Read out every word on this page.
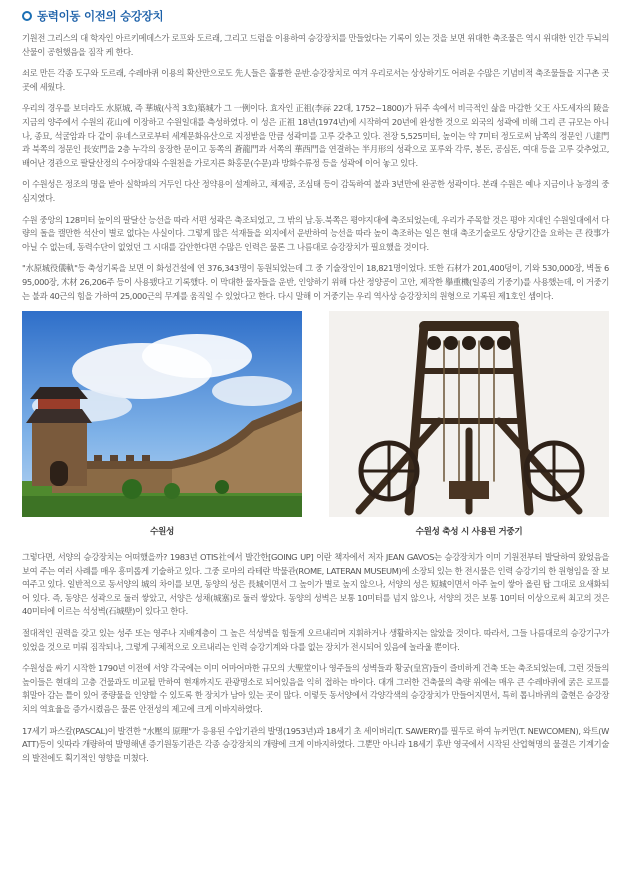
동력이동 이전의 승강장치

기원전 그리스의 대 학자인 아르키메데스가 로프와 도르래, 그리고 드럼을 이용하여 승강장치를 만들었다는 기록이 있는 것을 보면 위대한 축조물은 역시 위대한 인간 두뇌의 산물이 공헌했음을 짐작 케 한다.

쇠로 만든 각종 도구와 도르래, 수레바퀴 이용의 확산만으로도 先人들은 훌륭한 운반.승강장치로 여겨 우리로서는 상상하기도 어려운 수많은 기념비적 축조물들을 지구촌 곳곳에 세웠다.

우리의 경우를 보더라도 水原城, 즉 華城(사적 3호)築城가 그 一例이다. 효자인 正祖(李祘 22대, 1752~1800)가 뒤주 속에서 비극적인 삶을 마감한 父王 사도세자의 陵을 지금의 양주에서 수원의 花山에 이장하고 수원일대를 측성하였다. 이 성은 正祖 18년(1974년)에 시작하여 20년에 완성한 것으로 외국의 성곽에 비해 그리 큰 규모는 아니나, 종묘, 석굴암과 다 같이 유네스코로부터 세계문화유산으로 지정받을 만큼 성곽미를 고루 갖추고 있다. 전장 5,525미터, 높이는 약 7미터 정도로써 남쪽의 정문인 八達門과 북쪽의 정문인 長安門을 2층 누각의 웅장한 문이고 동쪽의 蒼龍門과 서쪽의 華西門을 연결하는 半月形의 성곽으로 포루와 각루, 봉돈, 공심돈, 여대 등을 고루 갖추었고, 배어난 경관으로 팔달산정의 수어장대와 수원천을 가로지른 화홍문(수문)과 방화수류정 등을 성곽에 이어 놓고 있다.

이 수원성은 정조의 명을 받아 실학파의 거두인 다산 정약용이 설계하고, 채제공, 조심태 등이 감독하여 불과 3년만에 완공한 성곽이다. 본래 수원은 예나 지금이나 농경의 중심지였다.

수원 중앙의 128미터 높이의 팔달산 능선을 따라 서편 성곽은 축조되었고, 그 밖의 남.동.북쪽은 평야지대에 축조되었는데, 우리가 주목할 것은 평야 지대인 수원일대에서 다량의 돌을 캘만한 석산이 별로 없다는 사실이다. 그렇게 많은 석재들을 외지에서 운반하여 능선을 따라 높이 축조하는 일은 현대 축조기술로도 상당기간을 요하는 큰 役事가 아닐 수 없는데, 동력수단이 없었던 그 시대를 감안한다면 수많은 인력은 물론 그 나름대로 승강장치가 필요했을 것이다.

"水原城役儀軌"등 축성기록을 보면 이 화성건설에 연 376,343명이 동원되었는데 그 중 기술장인이 18,821명이었다. 또한 石材가 201,400덩이, 기와 530,000장, 벽돌 695,000장, 木材 26,206주 등이 사용됐다고 기록했다. 이 막대한 물자들을 운반, 인양하기 위해 다산 정양공이 고안, 제작한 擧重機(일종의 기중기)를 사용했는데, 이 거중기는 불과 40근의 힘을 가하여 25,000근의 무게를 움직일 수 있었다고 한다. 다시 말해 이 거중기는 우리 역사상 승강장치의 원형으로 기록된 제1호인 셈이다.

수원성	수원성 축성 시 사용된 거중기

그렇다면, 서양의 승강장치는 어떠했을까? 1983년 OTIS社에서 발간한[GOING UP] 이란 책자에서 저자 JEAN GAVOS는 승강장치가 이미 기원전부터 발달하여 왔었음을 보여 주는 여러 사례를 매우 흥미롭게 기술하고 있다. 그중 로마의 라테란 박물관(ROME, LATERAN MUSEUM)에 소장되 있는 한 전시물은 인력 승강기의 한 원형임을 잘 보여주고 있다. 일반적으로 동서양의 城의 차이를 보면, 동양의 성은 長城이면서 그 높이가 별로 높지 않으나, 서양의 성은 短城이면서 아주 높이 쌓아 올린 탑 그대로 요새화되어 있다. 즉, 동양은 성곽으로 둘러 쌓았고, 서양은 성채(城塞)로 둘러 쌓았다. 동양의 성벽은 보통 10미터를 넘지 않으나, 서양의 것은 보통 10미터 이상으로써 최고의 것은 40미터에 이르는 석성벽(石城壁)이 있다고 한다.

절대적인 권력을 갖고 있는 성주 또는 영주나 지배계층이 그 높은 석성벽을 힘들게 오르내리며 지휘하거나 생활하지는 않았을 것이다. 따라서, 그들 나름대로의 승강기구가 있었을 것으로 미뤄 짐작되나, 그렇게 구체적으로 오르내리는 인력 승강기계와 다를 없는 장치가 전시되어 있음에 놀라울 뿐이다.

수원성을 싸기 시작한 1790년 이전에 서양 각국에는 이미 어마어마한 규모의 大聖堂이나 영주들의 성벽들과 황궁(皇宮)들이 즐비하게 건축 또는 축조되었는데, 그런 것들의 높이들은 현대의 고층 건물과도 비교될 만하여 현재까지도 관광명소로 되어있음을 익히 접하는 바이다. 대개 그러한 건축물의 측량 위에는 매우 큰 수레바퀴에 굵은 로프를 휘말아 감는 틀이 있어 중량물을 인양할 수 있도록 한 장치가 남아 있는 곳이 많다. 이렇듯 동서양에서 각양각색의 승강장치가 만들어지면서, 특히 톱니바퀴의 출현은 승강장치의 역효율을 증가시켰음은 물론 안전성의 제고에 크게 이바지하였다.

17세기 파스칼(PASCAL)이 발견한 "水壓의 原理"가 응용된 수압기관의 발명(1953년)과 18세기 초 세이버리(T. SAWERY)를 필두로 하여 뉴커먼(T. NEWCOMEN), 와트(WATT)등이 잇따라 개량하여 발명해낸 증기원동기관은 각종 승강장치의 개량에 크게 이바지하였다. 그뿐만 아니라 18세기 후반 영국에서 시작된 산업혁명의 물결은 기계기술의 발전에도 획기적인 영향을 미쳤다.
